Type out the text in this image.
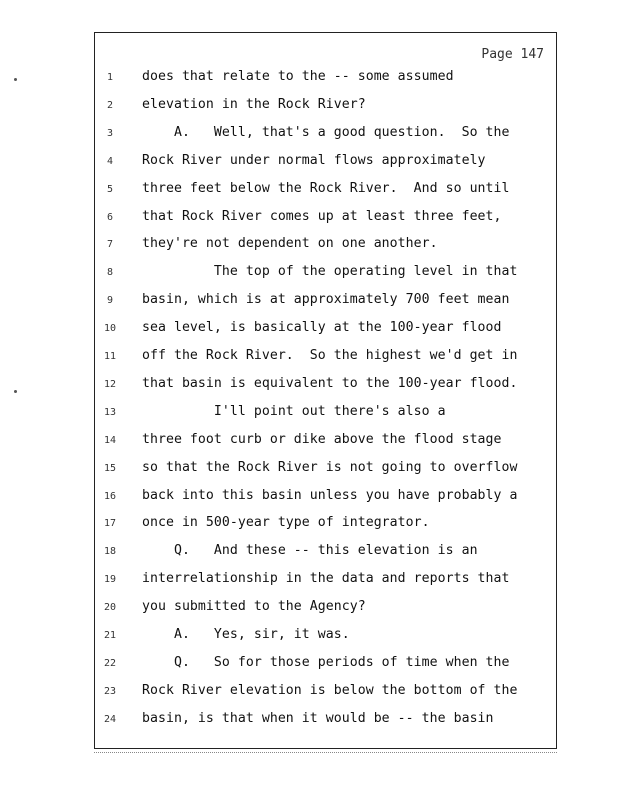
Page 147
1	does that relate to the -- some assumed
2	elevation in the Rock River?
3	A.   Well, that's a good question.  So the
4	Rock River under normal flows approximately
5	three feet below the Rock River.  And so until
6	that Rock River comes up at least three feet,
7	they're not dependent on one another.
8	The top of the operating level in that
9	basin, which is at approximately 700 feet mean
10	sea level, is basically at the 100-year flood
11	off the Rock River.  So the highest we'd get in
12	that basin is equivalent to the 100-year flood.
13	I'll point out there's also a
14	three foot curb or dike above the flood stage
15	so that the Rock River is not going to overflow
16	back into this basin unless you have probably a
17	once in 500-year type of integrator.
18	Q.   And these -- this elevation is an
19	interrelationship in the data and reports that
20	you submitted to the Agency?
21	A.   Yes, sir, it was.
22	Q.   So for those periods of time when the
23	Rock River elevation is below the bottom of the
24	basin, is that when it would be -- the basin
